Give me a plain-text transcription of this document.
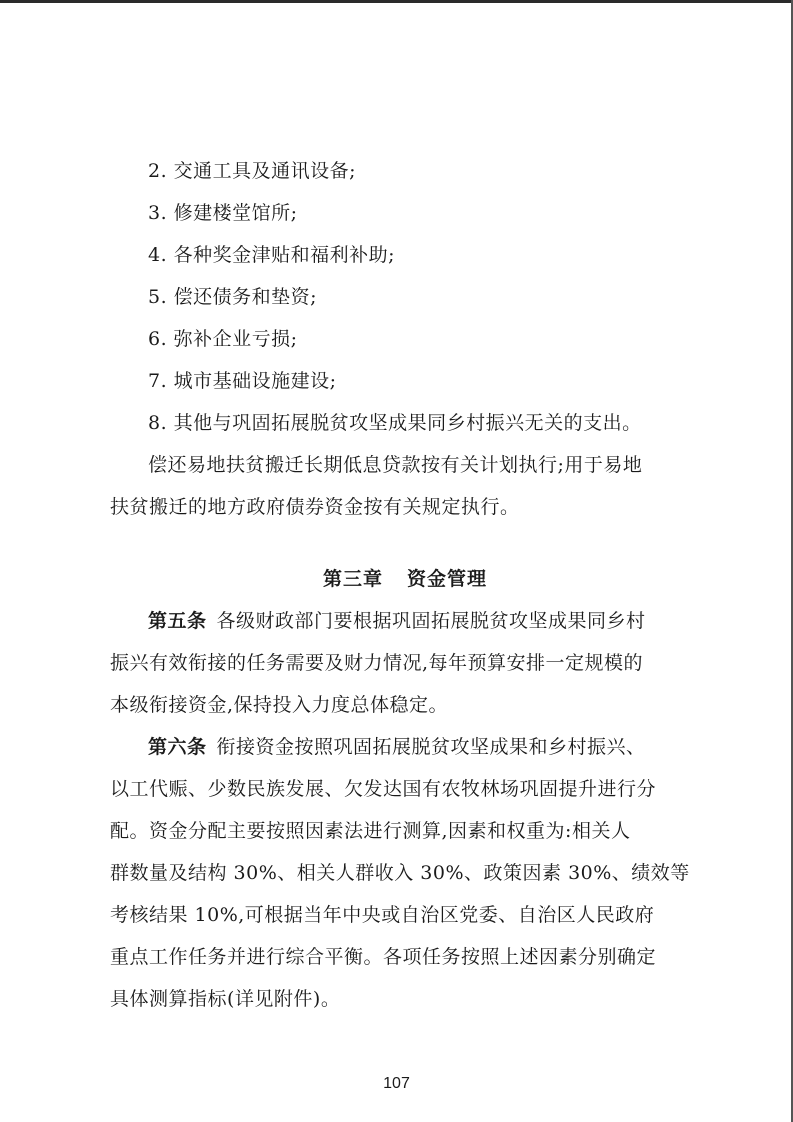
2. 交通工具及通讯设备;
3. 修建楼堂馆所;
4. 各种奖金津贴和福利补助;
5. 偿还债务和垫资;
6. 弥补企业亏损;
7. 城市基础设施建设;
8. 其他与巩固拓展脱贫攻坚成果同乡村振兴无关的支出。
偿还易地扶贫搬迁长期低息贷款按有关计划执行;用于易地
扶贫搬迁的地方政府债券资金按有关规定执行。
第三章 资金管理
第五条 各级财政部门要根据巩固拓展脱贫攻坚成果同乡村
振兴有效衔接的任务需要及财力情况,每年预算安排一定规模的
本级衔接资金,保持投入力度总体稳定。
第六条 衔接资金按照巩固拓展脱贫攻坚成果和乡村振兴、
以工代赈、少数民族发展、欠发达国有农牧林场巩固提升进行分
配。资金分配主要按照因素法进行测算,因素和权重为:相关人
群数量及结构 30%、相关人群收入 30%、政策因素 30%、绩效等
考核结果 10%,可根据当年中央或自治区党委、自治区人民政府
重点工作任务并进行综合平衡。各项任务按照上述因素分别确定
具体测算指标(详见附件)。
107
